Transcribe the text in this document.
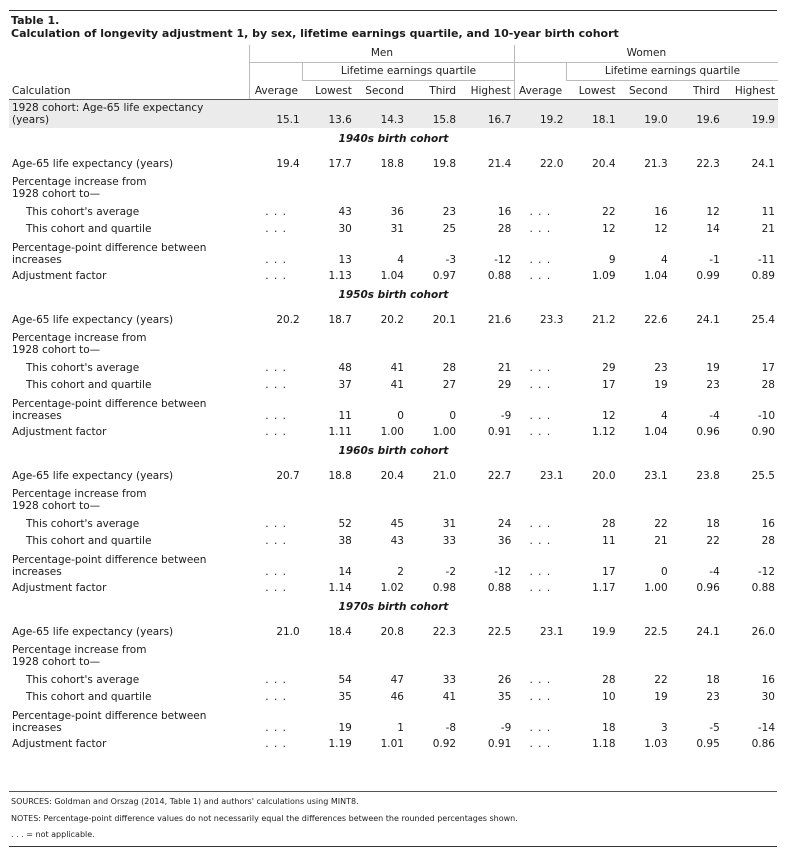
Table 1.
Calculation of longevity adjustment 1, by sex, lifetime earnings quartile, and 10-year birth cohort
	Men					Women				
		Lifetime earnings quartile					Lifetime earnings quartile			
Calculation	Average	Lowest	Second	Third	Highest	Average	Lowest	Second	Third	Highest

1928 cohort: Age-65 life expectancy
(years)	15.1	13.6	14.3	15.8	16.7	19.2	18.1	19.0	19.6	19.9
1940s birth cohort										

Age-65 life expectancy (years)	19.4	17.7	18.8	19.8	21.4	22.0	20.4	21.3	22.3	24.1

Percentage increase from
1928 cohort to—										

This cohort's average	. . .	43	36	23	16	. . .	22	16	12	11
This cohort and quartile	. . .	30	31	25	28	. . .	12	12	14	21

Percentage-point difference between
increases	. . .	13	4	-3	-12	. . .	9	4	-1	-11
Adjustment factor	. . .	1.13	1.04	0.97	0.88	. . .	1.09	1.04	0.99	0.89
1950s birth cohort										

Age-65 life expectancy (years)	20.2	18.7	20.2	20.1	21.6	23.3	21.2	22.6	24.1	25.4

Percentage increase from
1928 cohort to—										

This cohort's average	. . .	48	41	28	21	. . .	29	23	19	17
This cohort and quartile	. . .	37	41	27	29	. . .	17	19	23	28

Percentage-point difference between
increases	. . .	11	0	0	-9	. . .	12	4	-4	-10
Adjustment factor	. . .	1.11	1.00	1.00	0.91	. . .	1.12	1.04	0.96	0.90
1960s birth cohort										

Age-65 life expectancy (years)	20.7	18.8	20.4	21.0	22.7	23.1	20.0	23.1	23.8	25.5

Percentage increase from
1928 cohort to—										

This cohort's average	. . .	52	45	31	24	. . .	28	22	18	16
This cohort and quartile	. . .	38	43	33	36	. . .	11	21	22	28

Percentage-point difference between
increases	. . .	14	2	-2	-12	. . .	17	0	-4	-12
Adjustment factor	. . .	1.14	1.02	0.98	0.88	. . .	1.17	1.00	0.96	0.88
1970s birth cohort										

Age-65 life expectancy (years)	21.0	18.4	20.8	22.3	22.5	23.1	19.9	22.5	24.1	26.0

Percentage increase from
1928 cohort to—										

This cohort's average	. . .	54	47	33	26	. . .	28	22	18	16
This cohort and quartile	. . .	35	46	41	35	. . .	10	19	23	30

Percentage-point difference between
increases	. . .	19	1	-8	-9	. . .	18	3	-5	-14
Adjustment factor	. . .	1.19	1.01	0.92	0.91	. . .	1.18	1.03	0.95	0.86
SOURCES: Goldman and Orszag (2014, Table 1) and authors' calculations using MINT8.
NOTES: Percentage-point difference values do not necessarily equal the differences between the rounded percentages shown.
. . . = not applicable.
